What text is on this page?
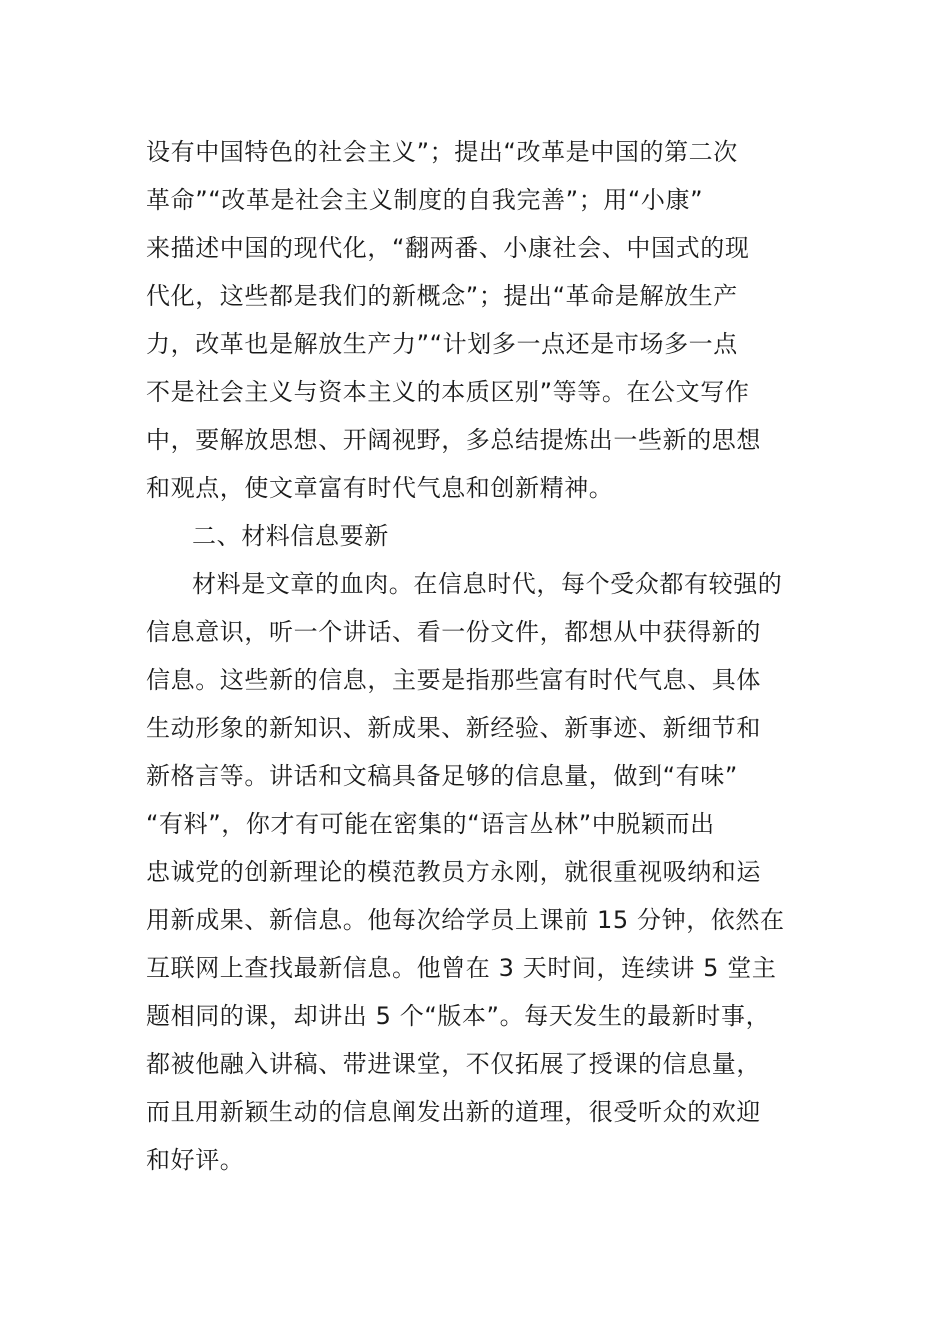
设有中国特色的社会主义”；提出“改革是中国的第二次
革命”“改革是社会主义制度的自我完善”；用“小康”
来描述中国的现代化，“翻两番、小康社会、中国式的现
代化，这些都是我们的新概念”；提出“革命是解放生产
力，改革也是解放生产力”“计划多一点还是市场多一点
不是社会主义与资本主义的本质区别”等等。在公文写作
中，要解放思想、开阔视野，多总结提炼出一些新的思想
和观点，使文章富有时代气息和创新精神。
二、材料信息要新
材料是文章的血肉。在信息时代，每个受众都有较强的
信息意识，听一个讲话、看一份文件，都想从中获得新的
信息。这些新的信息，主要是指那些富有时代气息、具体
生动形象的新知识、新成果、新经验、新事迹、新细节和
新格言等。讲话和文稿具备足够的信息量，做到“有味”
“有料”，你才有可能在密集的“语言丛林”中脱颖而出
忠诚党的创新理论的模范教员方永刚，就很重视吸纳和运
用新成果、新信息。他每次给学员上课前 15 分钟，依然在
互联网上查找最新信息。他曾在 3 天时间，连续讲 5 堂主
题相同的课，却讲出 5 个“版本”。每天发生的最新时事，
都被他融入讲稿、带进课堂，不仅拓展了授课的信息量，
而且用新颖生动的信息阐发出新的道理，很受听众的欢迎
和好评。
